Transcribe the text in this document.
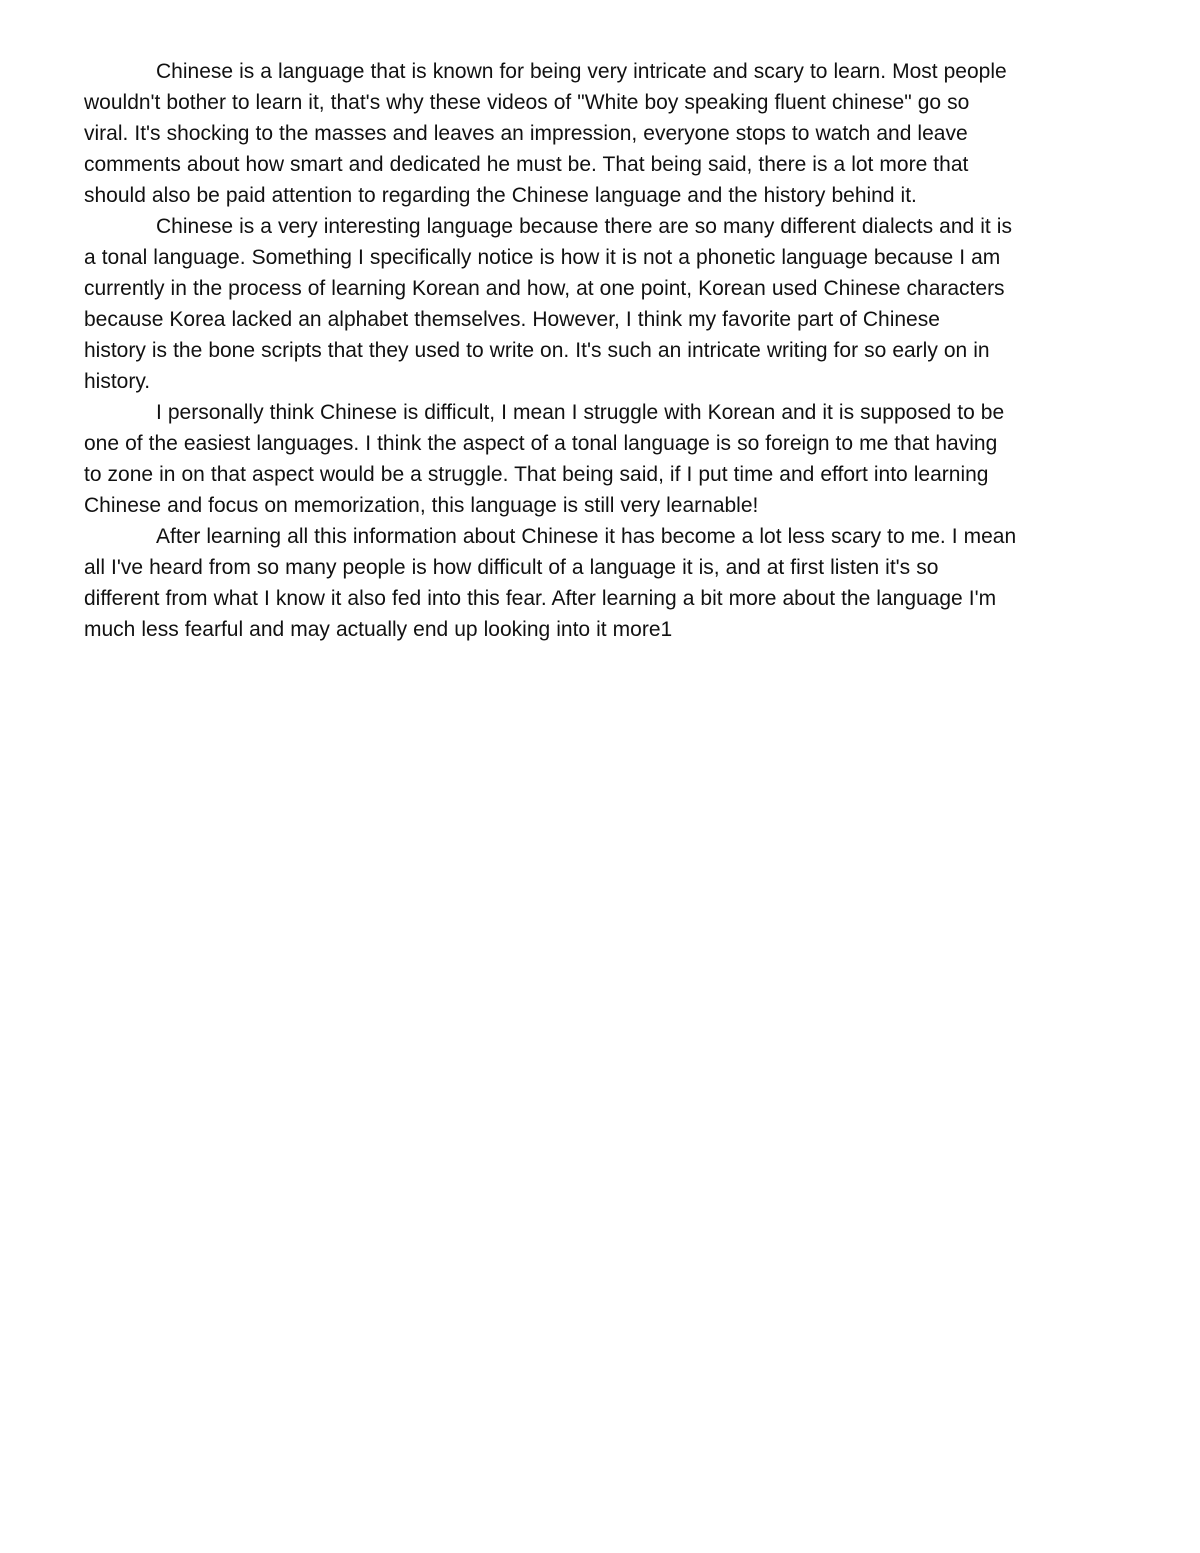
Chinese is a language that is known for being very intricate and scary to learn. Most people
wouldn't bother to learn it, that's why these videos of "White boy speaking fluent chinese" go so
viral. It's shocking to the masses and leaves an impression, everyone stops to watch and leave
comments about how smart and dedicated he must be. That being said, there is a lot more that
should also be paid attention to regarding the Chinese language and the history behind it.
Chinese is a very interesting language because there are so many different dialects and it is
a tonal language. Something I specifically notice is how it is not a phonetic language because I am
currently in the process of learning Korean and how, at one point, Korean used Chinese characters
because Korea lacked an alphabet themselves. However, I think my favorite part of Chinese
history is the bone scripts that they used to write on. It's such an intricate writing for so early on in
history.
I personally think Chinese is difficult, I mean I struggle with Korean and it is supposed to be
one of the easiest languages. I think the aspect of a tonal language is so foreign to me that having
to zone in on that aspect would be a struggle. That being said, if I put time and effort into learning
Chinese and focus on memorization, this language is still very learnable!
After learning all this information about Chinese it has become a lot less scary to me. I mean
all I've heard from so many people is how difficult of a language it is, and at first listen it's so
different from what I know it also fed into this fear. After learning a bit more about the language I'm
much less fearful and may actually end up looking into it more1
